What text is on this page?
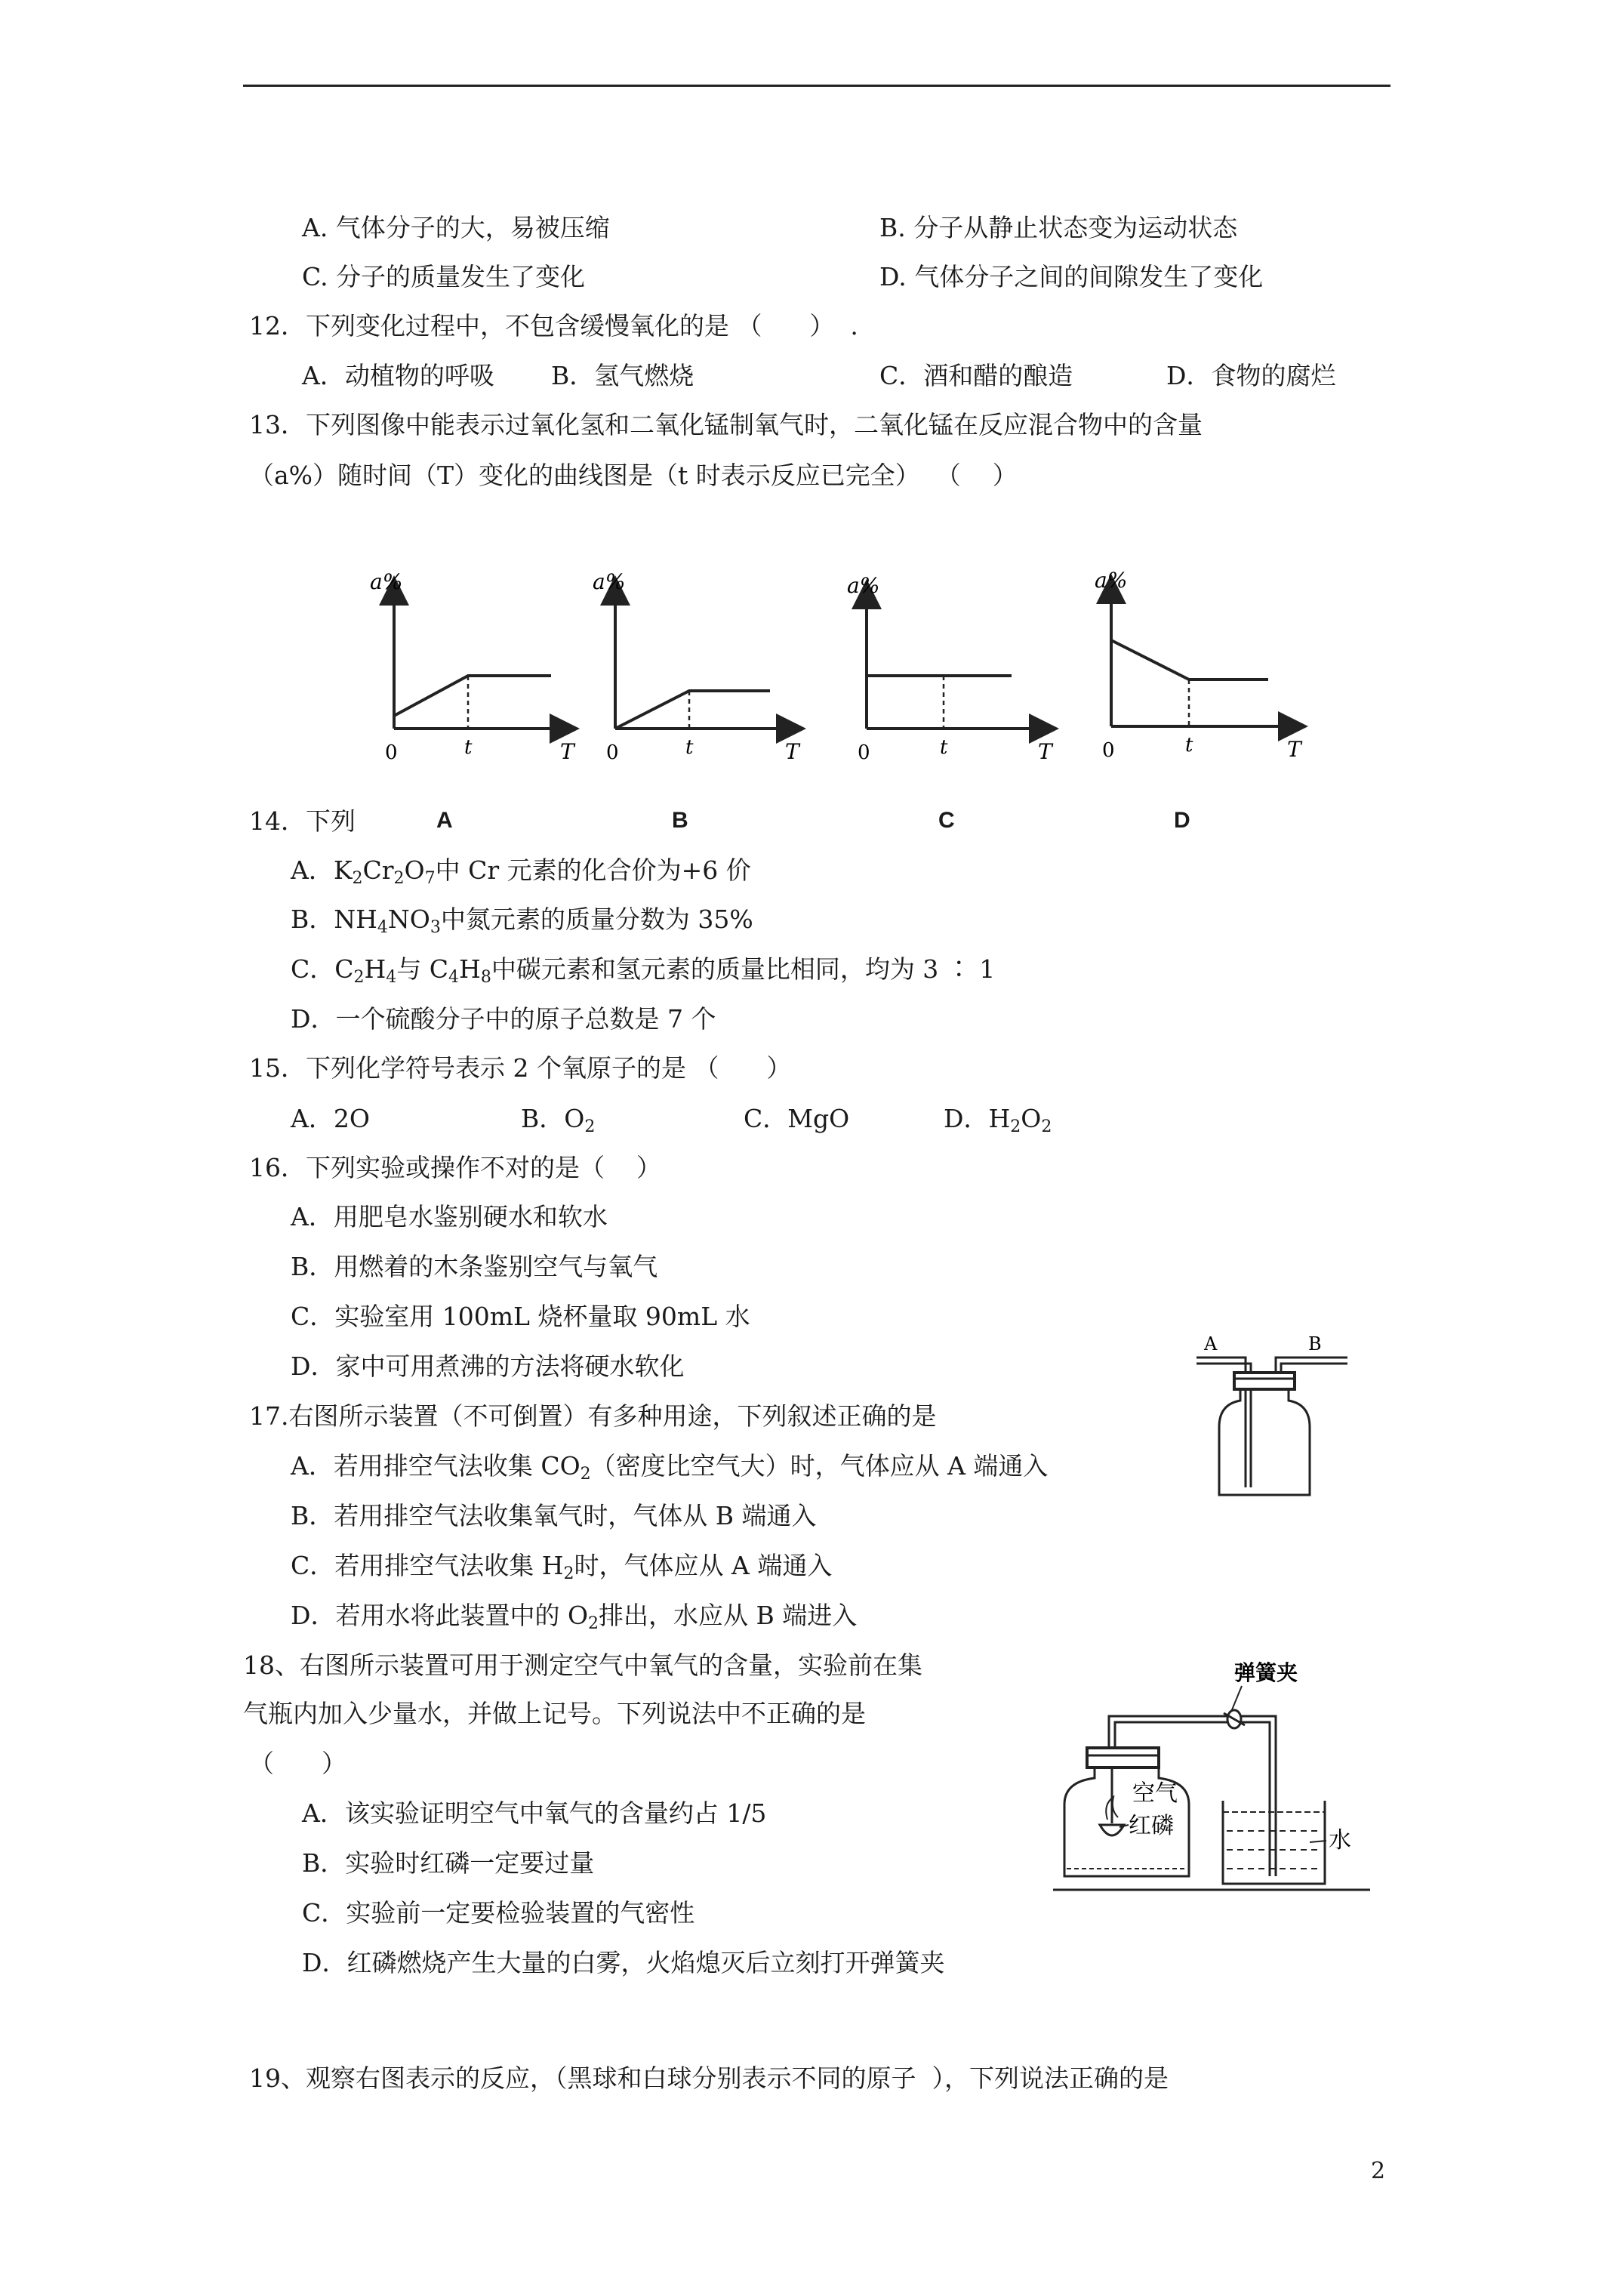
A. 气体分子的大，易被压缩	B. 分子从静止状态变为运动状态
C. 分子的质量发生了变化	D. 气体分子之间的间隙发生了变化
12．下列变化过程中，不包含缓慢氧化的是 （      ）  .
A．动植物的呼吸 B．氢气燃烧	C．酒和醋的酿造	D．食物的腐烂
13．下列图像中能表示过氧化氢和二氧化锰制氧气时，二氧化锰在反应混合物中的含量
（a%）随时间（T）变化的曲线图是（t 时表示反应已完全）  （    ）
a%
0	t	T
a%
0	t	T
a%
0	t	T
a%
0	t	T
14．下列	A	B	C	D
A．$K_2Cr_2O_7$中 Cr 元素的化合价为+6 价
B．$NH_4NO_3$中氮元素的质量分数为 35%
C．$C_2H_4$与 $C_4H_8$中碳元素和氢元素的质量比相同，均为 3 ∶ 1
D．一个硫酸分子中的原子总数是 7 个
15．下列化学符号表示 2 个氧原子的是 （      ）
A．2O	B．$O_2$	C．MgO	D．$H_2O_2$
16．下列实验或操作不对的是（    ）
A．用肥皂水鉴别硬水和软水
B．用燃着的木条鉴别空气与氧气
C．实验室用 100mL 烧杯量取 90mL 水
D．家中可用煮沸的方法将硬水软化
A	B
17.右图所示装置（不可倒置）有多种用途，下列叙述正确的是
A．若用排空气法收集 $CO_2$（密度比空气大）时，气体应从 A 端通入
B．若用排空气法收集氧气时，气体从 B 端通入
C．若用排空气法收集 $H_2$时，气体应从 A 端通入
D．若用水将此装置中的 $O_2$排出，水应从 B 端进入
弹簧夹
空气
红磷
水
18、右图所示装置可用于测定空气中氧气的含量，实验前在集
气瓶内加入少量水，并做上记号。下列说法中不正确的是
（      ）
A．该实验证明空气中氧气的含量约占 1/5
B．实验时红磷一定要过量
C．实验前一定要检验装置的气密性
D．红磷燃烧产生大量的白雾，火焰熄灭后立刻打开弹簧夹
19、观察右图表示的反应，（黑球和白球分别表示不同的原子  ），下列说法正确的是
2
